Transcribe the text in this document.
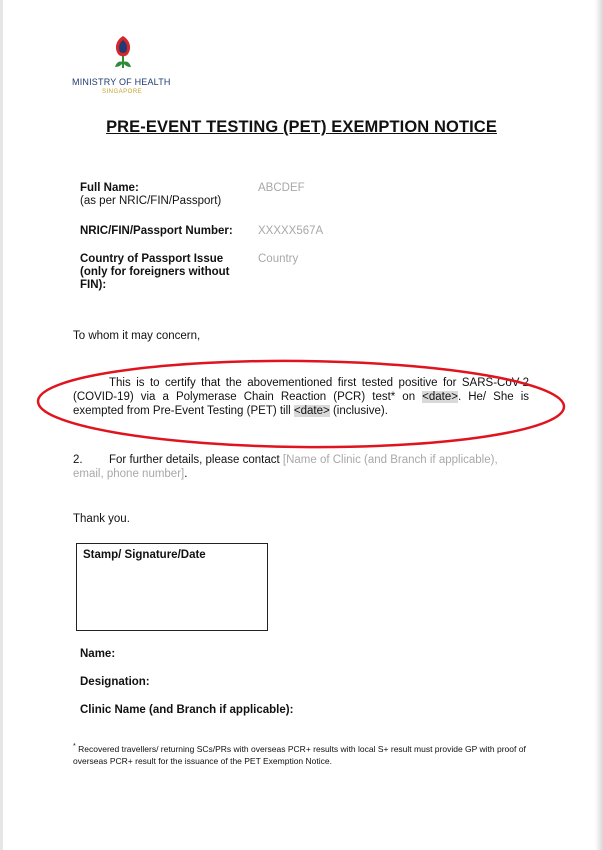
MINISTRY OF HEALTH
SINGAPORE
PRE-EVENT TESTING (PET) EXEMPTION NOTICE
Full Name:
(as per NRIC/FIN/Passport)
ABCDEF
NRIC/FIN/Passport Number: XXXXX567A
Country of Passport Issue
(only for foreigners without
FIN):
Country
To whom it may concern,
This is to certify that the abovementioned first tested positive for SARS-CoV-2 (COVID-19) via a Polymerase Chain Reaction (PCR) test* on <date>. He/ She is exempted from Pre-Event Testing (PET) till <date> (inclusive).
2. For further details, please contact [Name of Clinic (and Branch if applicable), email, phone number].
Thank you.
Stamp/ Signature/Date
Name:
Designation:
Clinic Name (and Branch if applicable):
* Recovered travellers/ returning SCs/PRs with overseas PCR+ results with local S+ result must provide GP with proof of overseas PCR+ result for the issuance of the PET Exemption Notice.
